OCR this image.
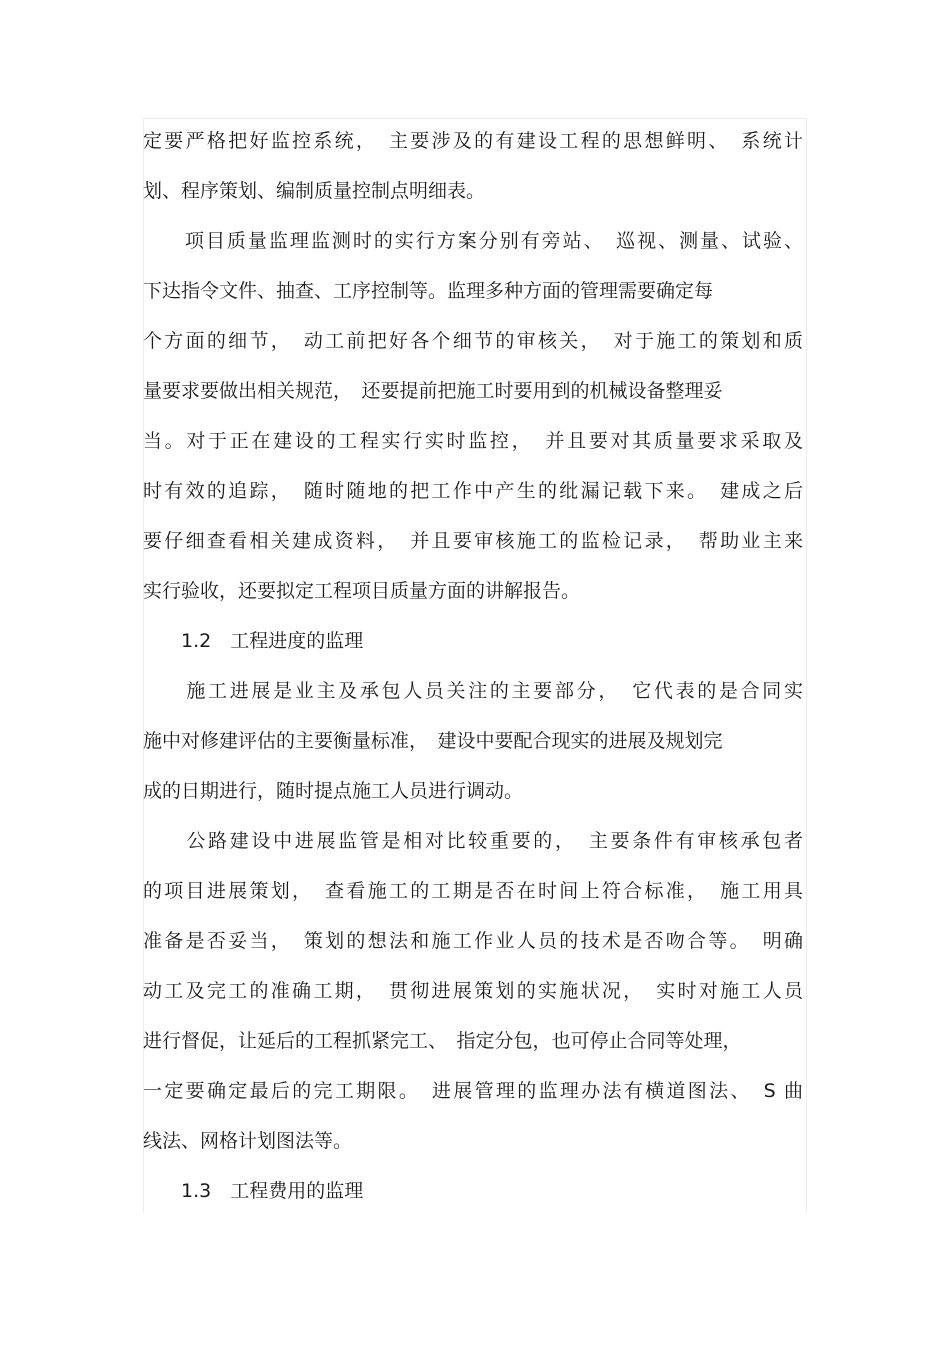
定要严格把好监控系统，　主要涉及的有建设工程的思想鲜明、　系统计

划、程序策划、编制质量控制点明细表。

　　项目质量监理监测时的实行方案分别有旁站、　巡视、测量、试验、

下达指令文件、抽查、工序控制等。监理多种方面的管理需要确定每

个方面的细节，　动工前把好各个细节的审核关，　对于施工的策划和质

量要求要做出相关规范，　还要提前把施工时要用到的机械设备整理妥

当。对于正在建设的工程实行实时监控，　并且要对其质量要求采取及

时有效的追踪，　随时随地的把工作中产生的纰漏记载下来。　建成之后

要仔细查看相关建成资料，　并且要审核施工的监检记录，　帮助业主来

实行验收，还要拟定工程项目质量方面的讲解报告。

　　1.2　工程进度的监理

　　施工进展是业主及承包人员关注的主要部分，　它代表的是合同实

施中对修建评估的主要衡量标准，　建设中要配合现实的进展及规划完

成的日期进行，随时提点施工人员进行调动。

　　公路建设中进展监管是相对比较重要的，　主要条件有审核承包者

的项目进展策划，　查看施工的工期是否在时间上符合标准，　施工用具

准备是否妥当，　策划的想法和施工作业人员的技术是否吻合等。　明确

动工及完工的准确工期，　贯彻进展策划的实施状况，　实时对施工人员

进行督促，让延后的工程抓紧完工、　指定分包，也可停止合同等处理，

一定要确定最后的完工期限。　进展管理的监理办法有横道图法、　S 曲

线法、网格计划图法等。

　　1.3　工程费用的监理
